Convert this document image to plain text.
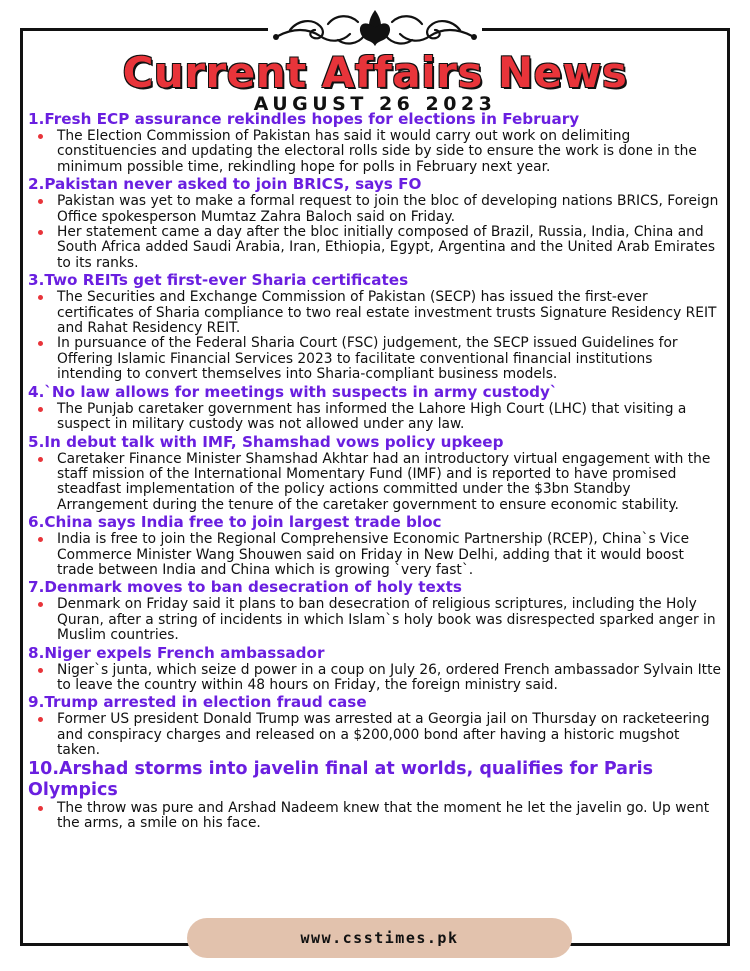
Current Affairs News
AUGUST 26 2023
1.Fresh ECP assurance rekindles hopes for elections in February
The Election Commission of Pakistan has said it would carry out work on delimiting constituencies and updating the electoral rolls side by side to ensure the work is done in the minimum possible time, rekindling hope for polls in February next year.
2.Pakistan never asked to join BRICS, says FO
Pakistan was yet to make a formal request to join the bloc of developing nations BRICS, Foreign Office spokesperson Mumtaz Zahra Baloch said on Friday.
Her statement came a day after the bloc initially composed of Brazil, Russia, India, China and South Africa added Saudi Arabia, Iran, Ethiopia, Egypt, Argentina and the United Arab Emirates to its ranks.
3.Two REITs get first-ever Sharia certificates
The Securities and Exchange Commission of Pakistan (SECP) has issued the first-ever certificates of Sharia compliance to two real estate investment trusts Signature Residency REIT and Rahat Residency REIT.
In pursuance of the Federal Sharia Court (FSC) judgement, the SECP issued Guidelines for Offering Islamic Financial Services 2023 to facilitate conventional financial institutions intending to convert themselves into Sharia-compliant business models.
4.`No law allows for meetings with suspects in army custody`
The Punjab caretaker government has informed the Lahore High Court (LHC) that visiting a suspect in military custody was not allowed under any law.
5.In debut talk with IMF, Shamshad vows policy upkeep
Caretaker Finance Minister Shamshad Akhtar had an introductory virtual engagement with the staff mission of the International Momentary Fund (IMF) and is reported to have promised steadfast implementation of the policy actions committed under the $3bn Standby Arrangement during the tenure of the caretaker government to ensure economic stability.
6.China says India free to join largest trade bloc
India is free to join the Regional Comprehensive Economic Partnership (RCEP), China`s Vice Commerce Minister Wang Shouwen said on Friday in New Delhi, adding that it would boost trade between India and China which is growing `very fast`.
7.Denmark moves to ban desecration of holy texts
Denmark on Friday said it plans to ban desecration of religious scriptures, including the Holy Quran, after a string of incidents in which Islam`s holy book was disrespected sparked anger in Muslim countries.
8.Niger expels French ambassador
Niger`s junta, which seize d power in a coup on July 26, ordered French ambassador Sylvain Itte to leave the country within 48 hours on Friday, the foreign ministry said.
9.Trump arrested in election fraud case
Former US president Donald Trump was arrested at a Georgia jail on Thursday on racketeering and conspiracy charges and released on a $200,000 bond after having a historic mugshot taken.
10.Arshad storms into javelin final at worlds, qualifies for Paris Olympics
The throw was pure and Arshad Nadeem knew that the moment he let the javelin go. Up went the arms, a smile on his face.
www.csstimes.pk
